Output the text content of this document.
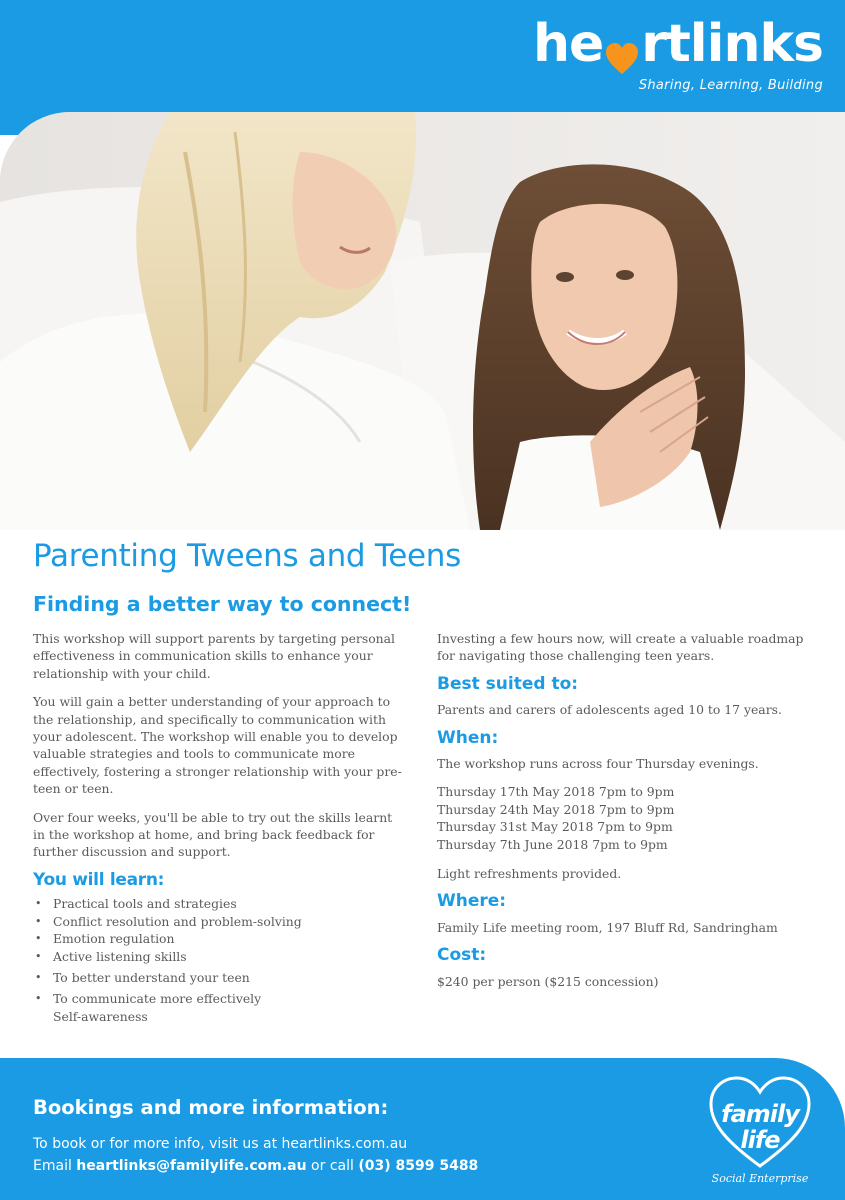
he rtlinks
Sharing, Learning, Building
Parenting Tweens and Teens
Finding a better way to connect!

This workshop will support parents by targeting personal effectiveness in communication skills to enhance your relationship with your child.

You will gain a better understanding of your approach to the relationship, and specifically to communication with your adolescent. The workshop will enable you to develop valuable strategies and tools to communicate more effectively, fostering a stronger relationship with your pre-teen or teen.

Over four weeks, you'll be able to try out the skills learnt in the workshop at home, and bring back feedback for further discussion and support.

You will learn:
• Practical tools and strategies
• Conflict resolution and problem-solving
• Emotion regulation
• Active listening skills
• To better understand your teen
• To communicate more effectively
Self-awareness

Investing a few hours now, will create a valuable roadmap for navigating those challenging teen years.

Best suited to:

Parents and carers of adolescents aged 10 to 17 years.

When:

The workshop runs across four Thursday evenings.

Thursday 17th May 2018 7pm to 9pm
Thursday 24th May 2018 7pm to 9pm
Thursday 31st May 2018 7pm to 9pm
Thursday 7th June 2018 7pm to 9pm

Light refreshments provided.

Where:

Family Life meeting room, 197 Bluff Rd, Sandringham

Cost:

$240 per person ($215 concession)

Bookings and more information:
To book or for more info, visit us at heartlinks.com.au
Email heartlinks@familylife.com.au or call (03) 8599 5488
family
life
Social Enterprise
